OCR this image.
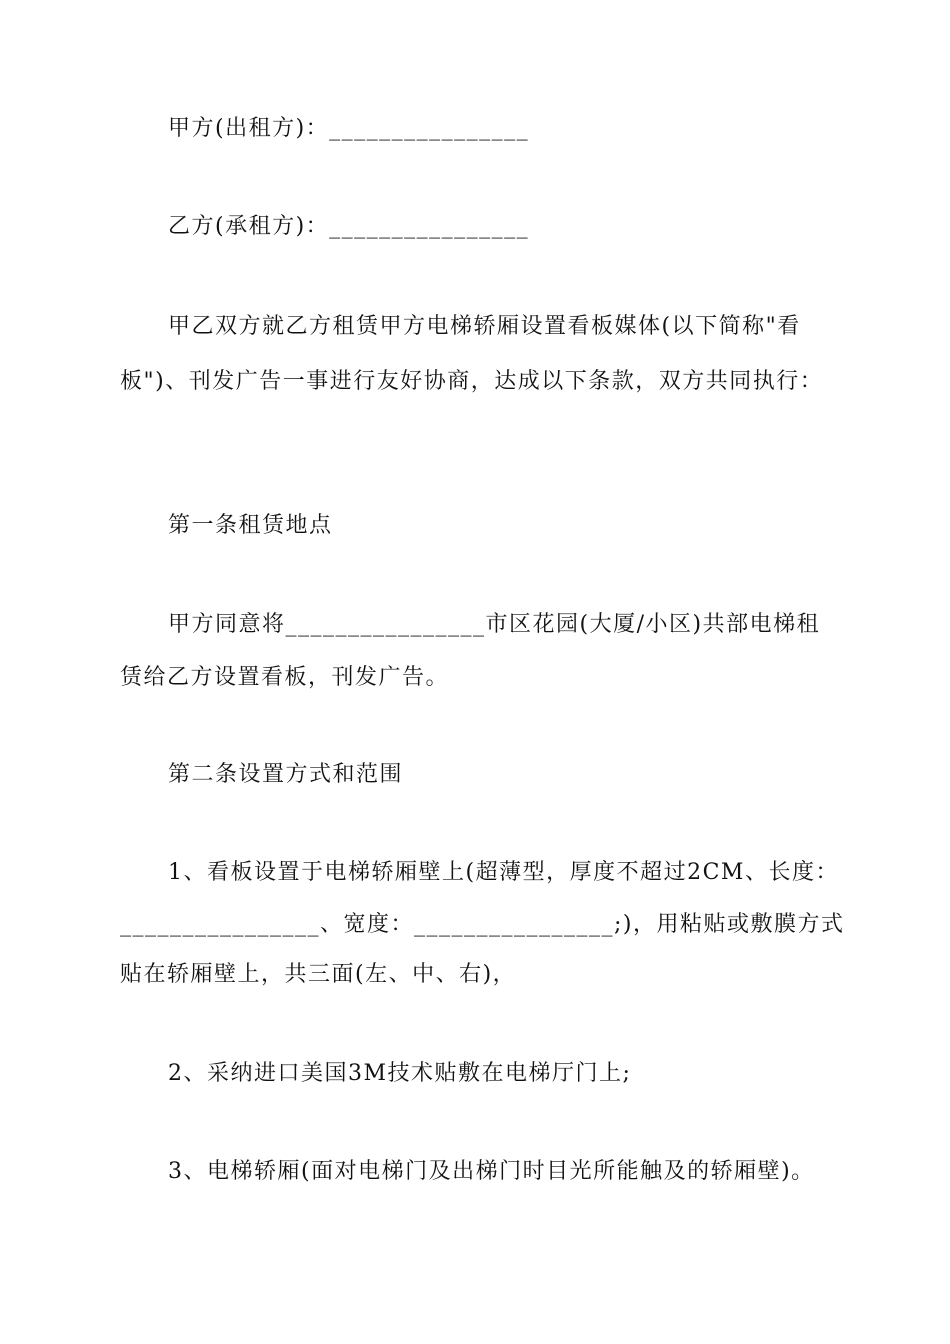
甲方(出租方)：________________
乙方(承租方)：________________
甲乙双方就乙方租赁甲方电梯轿厢设置看板媒体(以下简称"看
板")、刊发广告一事进行友好协商，达成以下条款，双方共同执行：
第一条租赁地点
甲方同意将________________市区花园(大厦/小区)共部电梯租
赁给乙方设置看板，刊发广告。
第二条设置方式和范围
1、看板设置于电梯轿厢壁上(超薄型，厚度不超过2CM、长度：
________________、宽度：________________;)，用粘贴或敷膜方式
贴在轿厢壁上，共三面(左、中、右)，
2、采纳进口美国3M技术贴敷在电梯厅门上;
3、电梯轿厢(面对电梯门及出梯门时目光所能触及的轿厢壁)。
